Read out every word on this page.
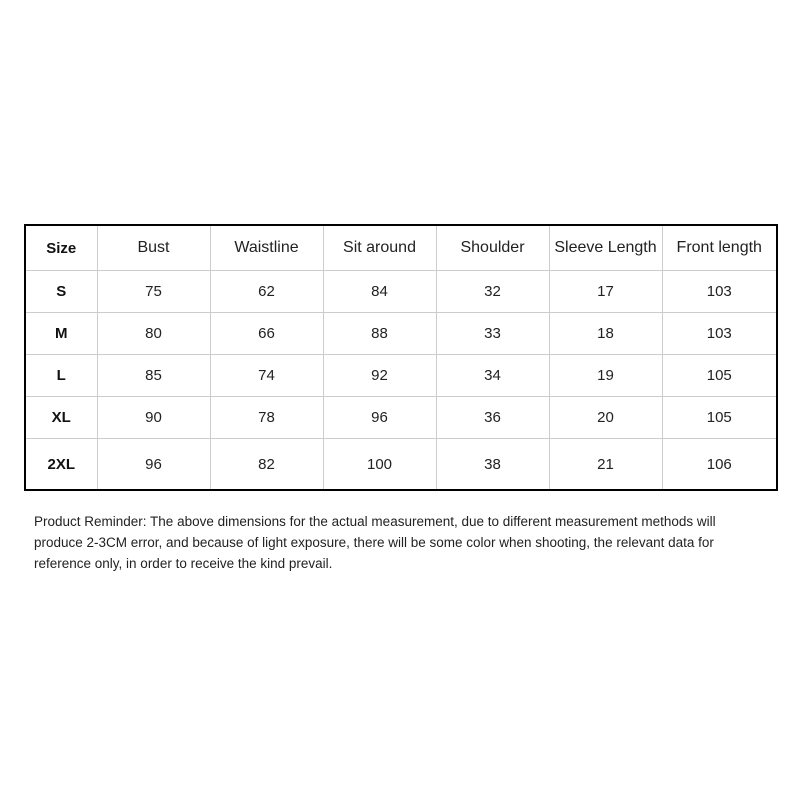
Size	Bust	Waistline	Sit around	Shoulder	Sleeve Length	Front length
S	75	62	84	32	17	103
M	80	66	88	33	18	103
L	85	74	92	34	19	105
XL	90	78	96	36	20	105
2XL	96	82	100	38	21	106

Product Reminder: The above dimensions for the actual measurement, due to different measurement methods will produce 2-3CM error, and because of light exposure, there will be some color when shooting, the relevant data for reference only, in order to receive the kind prevail.
